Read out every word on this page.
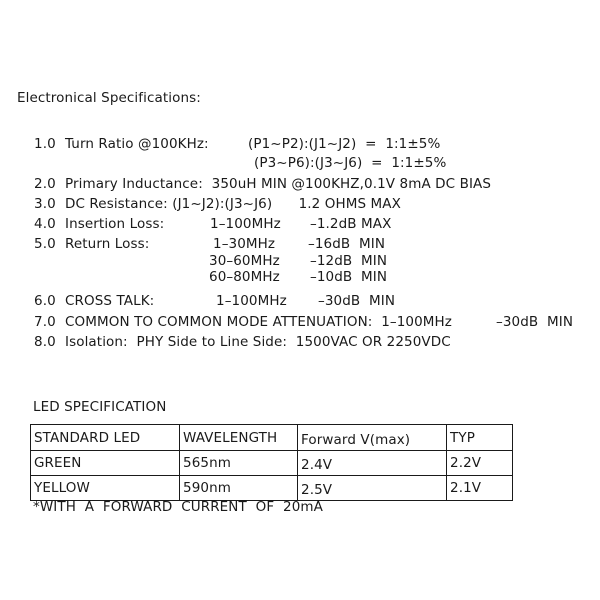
Electronical Specifications:
1.0 Turn Ratio @100KHz:	(P1~P2):(J1~J2)  =  1:1±5%
(P3~P6):(J3~J6)  =  1:1±5%
2.0 Primary Inductance:  350uH MIN @100KHZ,0.1V 8mA DC BIAS
3.0 DC Resistance: (J1~J2):(J3~J6)      1.2 OHMS MAX
4.0 Insertion Loss:	1–100MHz –1.2dB MAX
5.0 Return Loss:	1–30MHz –16dB  MIN
30–60MHz –12dB  MIN
60–80MHz –10dB  MIN
6.0 CROSS TALK:	1–100MHz –30dB  MIN
7.0 COMMON TO COMMON MODE ATTENUATION:  1–100MHz	–30dB  MIN
8.0 Isolation:  PHY Side to Line Side:  1500VAC OR 2250VDC
LED SPECIFICATION
STANDARD LED	WAVELENGTH	Forward V(max)	TYP
GREEN	565nm	2.4V	2.2V
YELLOW	590nm	2.5V	2.1V
*WITH  A  FORWARD  CURRENT  OF  20mA
